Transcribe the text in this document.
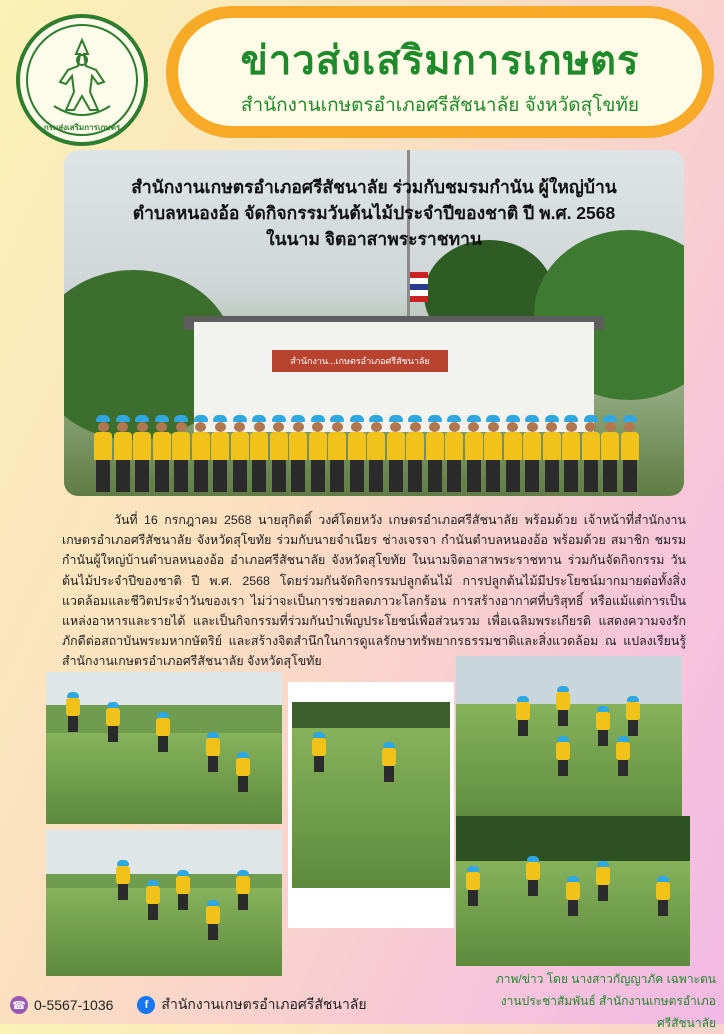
กรมส่งเสริมการเกษตร
ข่าวส่งเสริมการเกษตร
สำนักงานเกษตรอำเภอศรีสัชนาลัย จังหวัดสุโขทัย
สำนักงาน...เกษตรอำเภอศรีสัชนาลัย
สำนักงานเกษตรอำเภอศรีสัชนาลัย ร่วมกับชมรมกำนัน ผู้ใหญ่บ้าน
ตำบลหนองอ้อ จัดกิจกรรมวันต้นไม้ประจำปีของชาติ ปี พ.ศ. 2568
ในนาม จิตอาสาพระราชทาน
วันที่ 16 กรกฎาคม 2568 นายสุกิตติ์ วงศ์โดยหวัง เกษตรอำเภอศรีสัชนาลัย พร้อมด้วย เจ้าหน้าที่สำนักงานเกษตรอำเภอศรีสัชนาลัย จังหวัดสุโขทัย ร่วมกับนายจำเนียร ช่างเจรจา กำนันตำบลหนองอ้อ พร้อมด้วย สมาชิก ชมรมกำนันผู้ใหญ่บ้านตำบลหนองอ้อ อำเภอศรีสัชนาลัย จังหวัดสุโขทัย ในนามจิตอาสาพระราชทาน ร่วมกันจัดกิจกรรม วันต้นไม้ประจำปีของชาติ ปี พ.ศ. 2568 โดยร่วมกันจัดกิจกรรมปลูกต้นไม้ การปลูกต้นไม้มีประโยชน์มากมายต่อทั้งสิ่งแวดล้อมและชีวิตประจำวันของเรา ไม่ว่าจะเป็นการช่วยลดภาวะโลกร้อน การสร้างอากาศที่บริสุทธิ์ หรือแม้แต่การเป็นแหล่งอาหารและรายได้ และเป็นกิจกรรมที่ร่วมกันบำเพ็ญประโยชน์เพื่อส่วนรวม เพื่อเฉลิมพระเกียรติ แสดงความจงรักภักดีต่อสถาบันพระมหากษัตริย์ และสร้างจิตสำนึกในการดูแลรักษาทรัพยากรธรรมชาติและสิ่งแวดล้อม ณ แปลงเรียนรู้ สำนักงานเกษตรอำเภอศรีสัชนาลัย จังหวัดสุโขทัย
ภาพ/ข่าว โดย นางสาวกัญญาภัค เฉพาะตน
งานประชาสัมพันธ์ สำนักงานเกษตรอำเภอศรีสัชนาลัย
☎ 0-5567-1036	f สำนักงานเกษตรอำเภอศรีสัชนาลัย
